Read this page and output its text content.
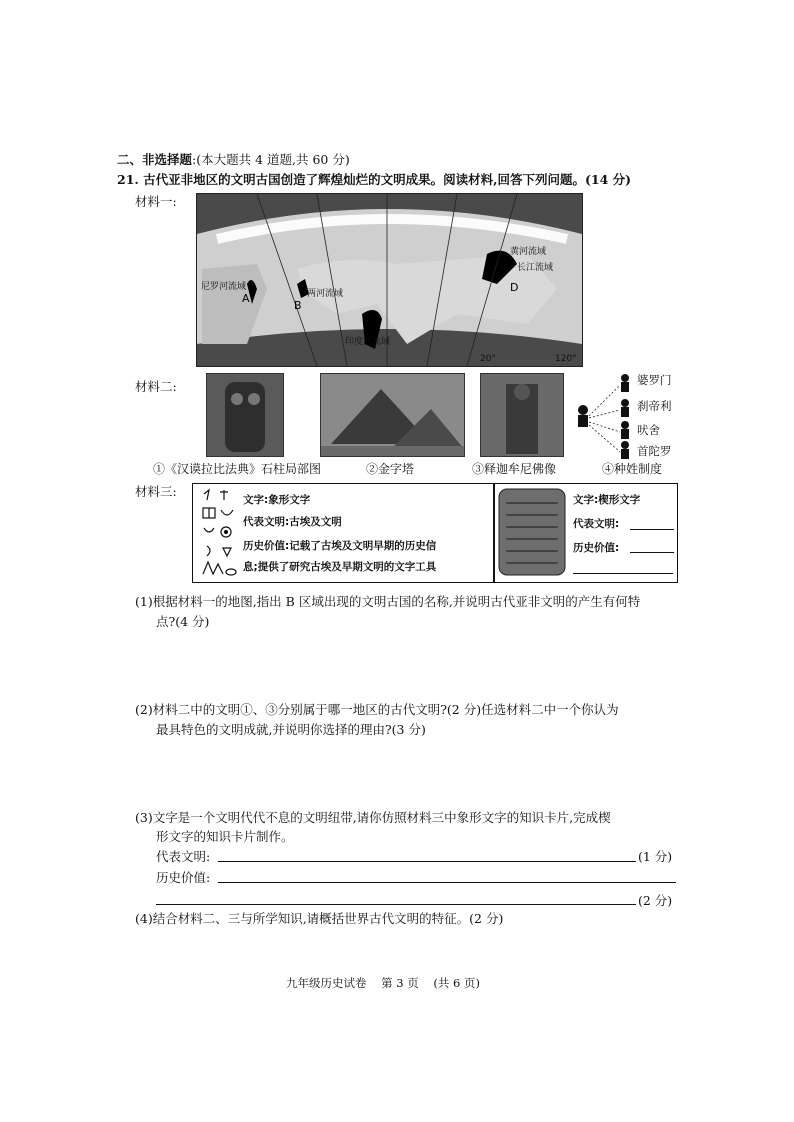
二、非选择题:(本大题共 4 道题,共 60 分)
21. 古代亚非地区的文明古国创造了辉煌灿烂的文明成果。阅读材料,回答下列问题。(14 分)
材料一:
A
B
C
D
尼罗河流域
两河流域
印度河流域
黄河流域
长江流域
20°	120°
材料二:	婆罗门
刹帝利
吠舍
首陀罗
①《汉谟拉比法典》石柱局部图	②金字塔	③释迦牟尼佛像	④种姓制度
材料三:
文字:象形文字
代表文明:古埃及文明
历史价值:记载了古埃及文明早期的历史信
息;提供了研究古埃及早期文明的文字工具
文字:楔形文字
代表文明:
历史价值:
(1)根据材料一的地图,指出 B 区域出现的文明古国的名称,并说明古代亚非文明的产生有何特
点?(4 分)
(2)材料二中的文明①、③分别属于哪一地区的古代文明?(2 分)任选材料二中一个你认为
最具特色的文明成就,并说明你选择的理由?(3 分)
(3)文字是一个文明代代不息的文明纽带,请你仿照材料三中象形文字的知识卡片,完成楔
形文字的知识卡片制作。
代表文明:	(1 分)
历史价值:
(2 分)
(4)结合材料二、三与所学知识,请概括世界古代文明的特征。(2 分)
九年级历史试卷    第 3 页    (共 6 页)
